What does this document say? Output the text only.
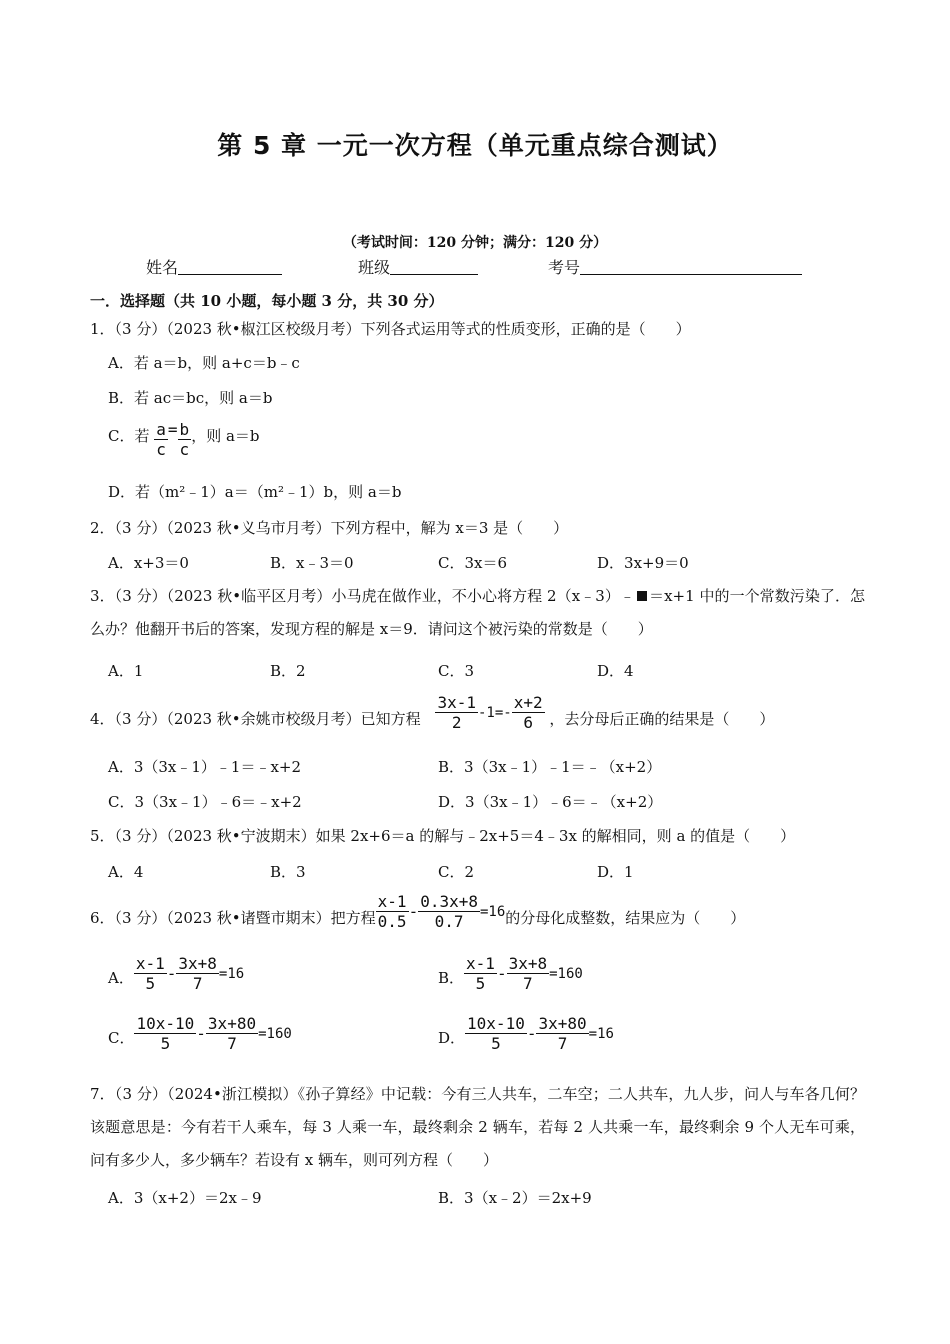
第 5 章 一元一次方程（单元重点综合测试）
（考试时间：120 分钟；满分：120 分）
姓名	班级	考号
一．选择题（共 10 小题，每小题 3 分，共 30 分）
1．（3 分）（2023 秋•椒江区校级月考）下列各式运用等式的性质变形，正确的是（　　）
A．若 a＝b，则 a+c＝b﹣c
B．若 ac＝bc，则 a＝b
C．若 $\frac{a}{c} = \frac{b}{c}$ ，则 a＝b
D．若（m²﹣1）a＝（m²﹣1）b，则 a＝b
2．（3 分）（2023 秋•义乌市月考）下列方程中，解为 x＝3 是（　　）
A．x+3＝0	B．x﹣3＝0	C．3x＝6	D．3x+9＝0
3．（3 分）（2023 秋•临平区月考）小马虎在做作业，不小心将方程 2（x﹣3）﹣ ＝x+1 中的一个常数污染了．怎么办？他翻开书后的答案，发现方程的解是 x＝9．请问这个被污染的常数是（　　）
A．1	B．2	C．3	D．4
4．（3 分）（2023 秋•余姚市校级月考）已知方程 $\frac{3x-1}{2} -1=- \frac{x+2}{6}$ ，去分母后正确的结果是（　　）
A．3（3x﹣1）﹣1＝﹣x+2	B．3（3x﹣1）﹣1＝﹣（x+2）
C．3（3x﹣1）﹣6＝﹣x+2	D．3（3x﹣1）﹣6＝﹣（x+2）
5．（3 分）（2023 秋•宁波期末）如果 2x+6＝a 的解与﹣2x+5＝4﹣3x 的解相同，则 a 的值是（　　）
A．4	B．3	C．2	D．1
6．（3 分）（2023 秋•诸暨市期末）把方程 $\frac{x-1}{0.5} - \frac{0.3x+8}{0.7} =16$ 的分母化成整数，结果应为（　　）
A． $\frac{x-1}{5} - \frac{3x+8}{7} =16$	B． $\frac{x-1}{5} - \frac{3x+8}{7} =160$
C． $\frac{10x-10}{5} - \frac{3x+80}{7} =160$	D． $\frac{10x-10}{5} - \frac{3x+80}{7} =16$
7．（3 分）（2024•浙江模拟）《孙子算经》中记载：今有三人共车，二车空；二人共车，九人步，问人与车各几何？该题意思是：今有若干人乘车，每 3 人乘一车，最终剩余 2 辆车，若每 2 人共乘一车，最终剩余 9 个人无车可乘，问有多少人，多少辆车？若设有 x 辆车，则可列方程（　　）
A．3（x+2）＝2x﹣9	B．3（x﹣2）＝2x+9
